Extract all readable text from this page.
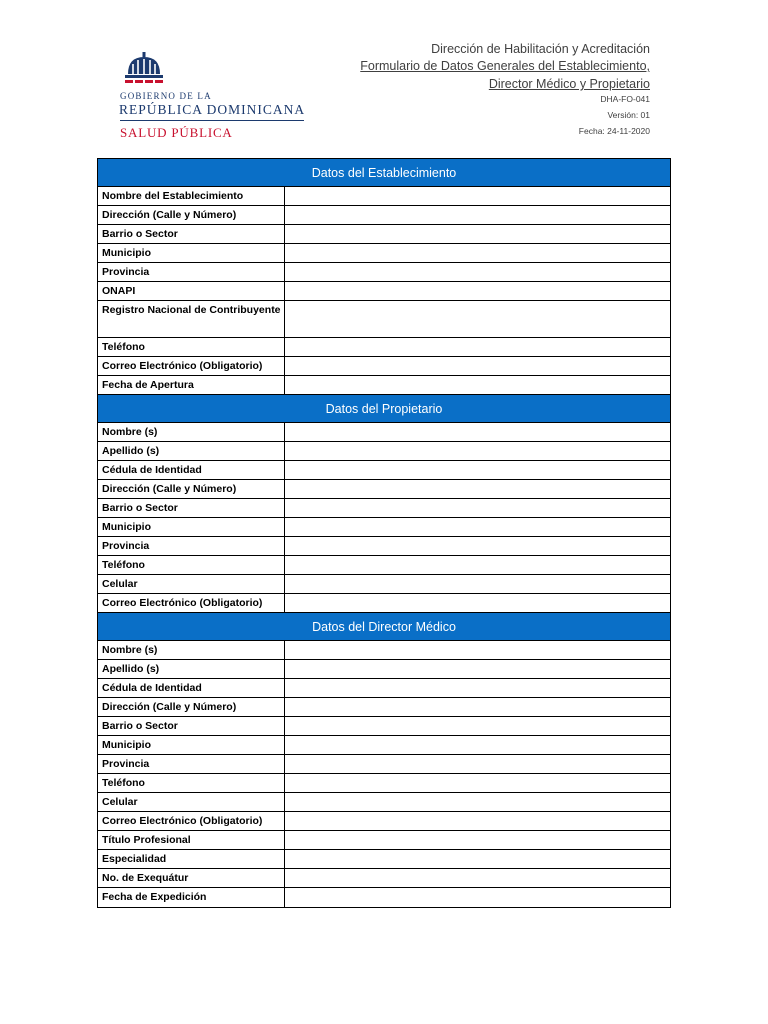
GOBIERNO DE LA
REPÚBLICA DOMINICANA
SALUD PÚBLICA
Dirección de Habilitación y Acreditación
Formulario de Datos Generales del Establecimiento,
Director Médico y Propietario
DHA-FO-041
Versión: 01
Fecha: 24-11-2020
Datos del Establecimiento
Nombre del Establecimiento
Dirección (Calle y Número)
Barrio o Sector
Municipio
Provincia
ONAPI
Registro Nacional de Contribuyente
Teléfono
Correo Electrónico (Obligatorio)
Fecha de Apertura
Datos del Propietario
Nombre (s)
Apellido (s)
Cédula de Identidad
Dirección (Calle y Número)
Barrio o Sector
Municipio
Provincia
Teléfono
Celular
Correo Electrónico (Obligatorio)
Datos del Director Médico
Nombre (s)
Apellido (s)
Cédula de Identidad
Dirección (Calle y Número)
Barrio o Sector
Municipio
Provincia
Teléfono
Celular
Correo Electrónico (Obligatorio)
Título Profesional
Especialidad
No. de Exequátur
Fecha de Expedición
